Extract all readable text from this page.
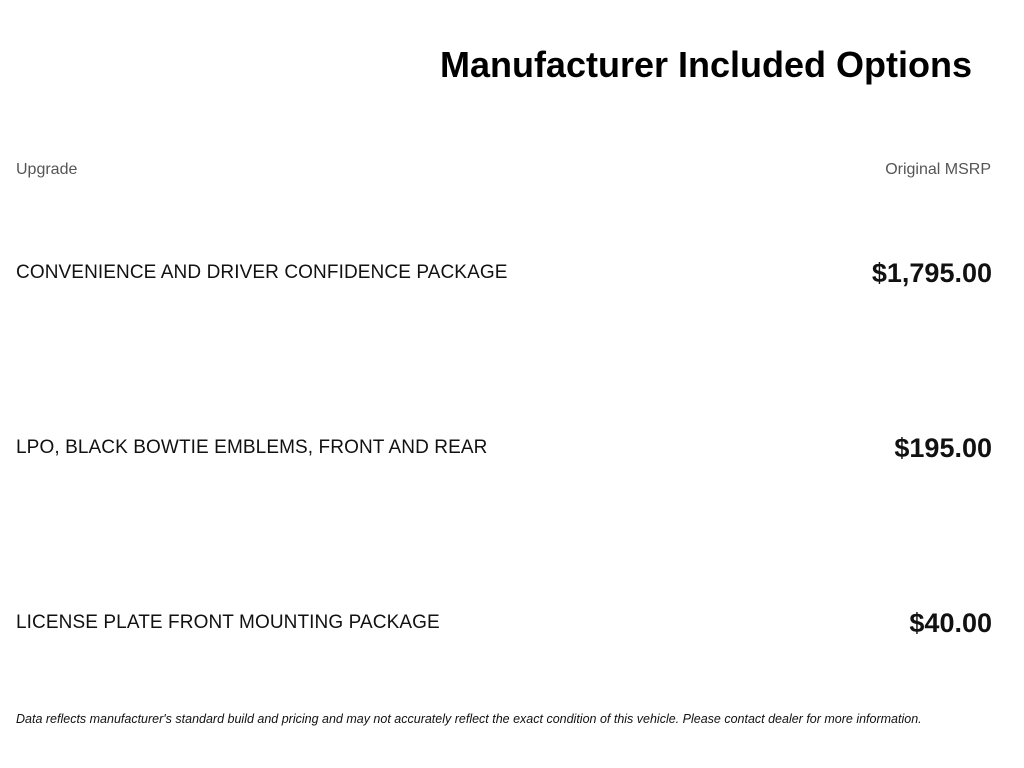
Manufacturer Included Options
Upgrade	Original MSRP
CONVENIENCE AND DRIVER CONFIDENCE PACKAGE	$1,795.00
LPO, BLACK BOWTIE EMBLEMS, FRONT AND REAR	$195.00
LICENSE PLATE FRONT MOUNTING PACKAGE	$40.00

Data reflects manufacturer's standard build and pricing and may not accurately reflect the exact condition of this vehicle. Please contact dealer for more information.
